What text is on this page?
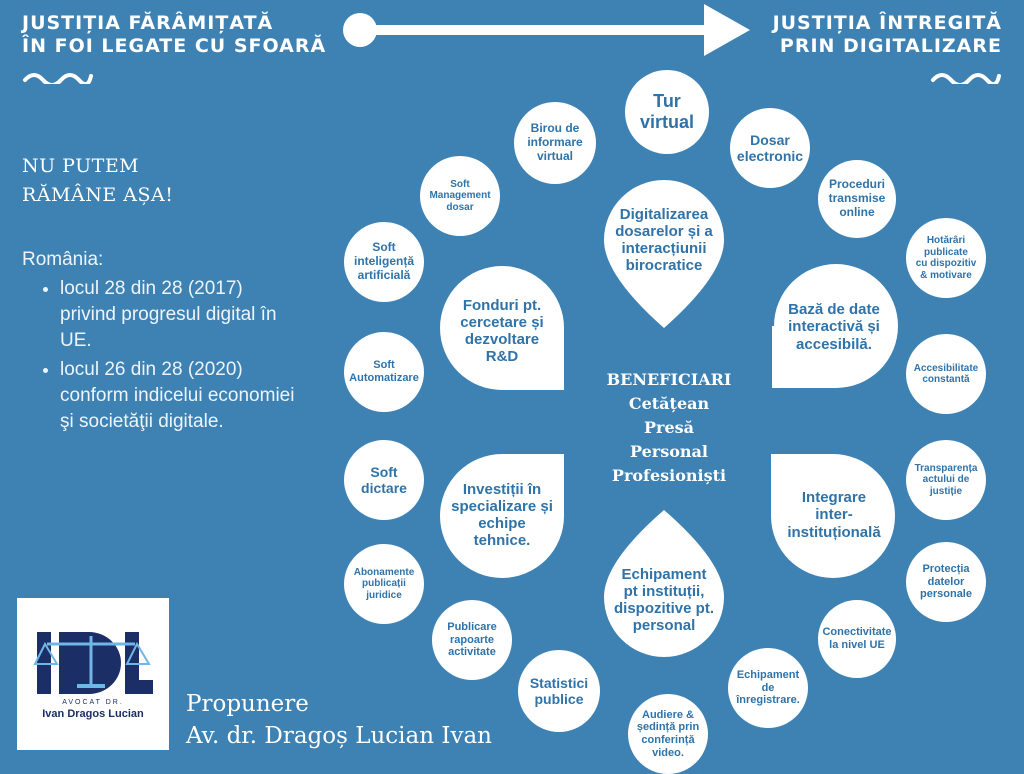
JUSTIȚIA FĂRÂMIȚATĂ
ÎN FOI LEGATE CU SFOARĂ
JUSTIȚIA ÎNTREGITĂ
PRIN DIGITALIZARE
NU PUTEM
RĂMÂNE AȘA!
România:
• locul 28 din 28 (2017) privind progresul digital în UE.
• locul 26 din 28 (2020) conform indicelui economiei şi societăţii digitale.
Digitalizarea
dosarelor și a
interacțiunii
birocratice
Bază de date
interactivă și
accesibilă.
Integrare
inter-
instituțională
Echipament
pt instituții,
dispozitive pt.
personal
Investiții în
specializare și
echipe
tehnice.
Fonduri pt.
cercetare și
dezvoltare
R&D
BENEFICIARI
Cetățean
Presă
Personal
Profesioniști
Tur
virtual
Dosar
electronic
Proceduri
transmise
online
Hotărâri
publicate
cu dispozitiv
& motivare
Accesibilitate
constantă
Transparența
actului de
justiție
Protecția
datelor
personale
Conectivitate
la nivel UE
Echipament de
înregistrare.
Audiere &
ședință prin
conferință
video.
Statistici
publice
Publicare
rapoarte
activitate
Abonamente
publicații
juridice
Soft
dictare
Soft
Automatizare
Soft
inteligență
artificială
Soft
Management
dosar
Birou de
informare
virtual
AVOCAT DR.
Ivan Dragos Lucian	Propunere
Av. dr. Dragoș Lucian Ivan
